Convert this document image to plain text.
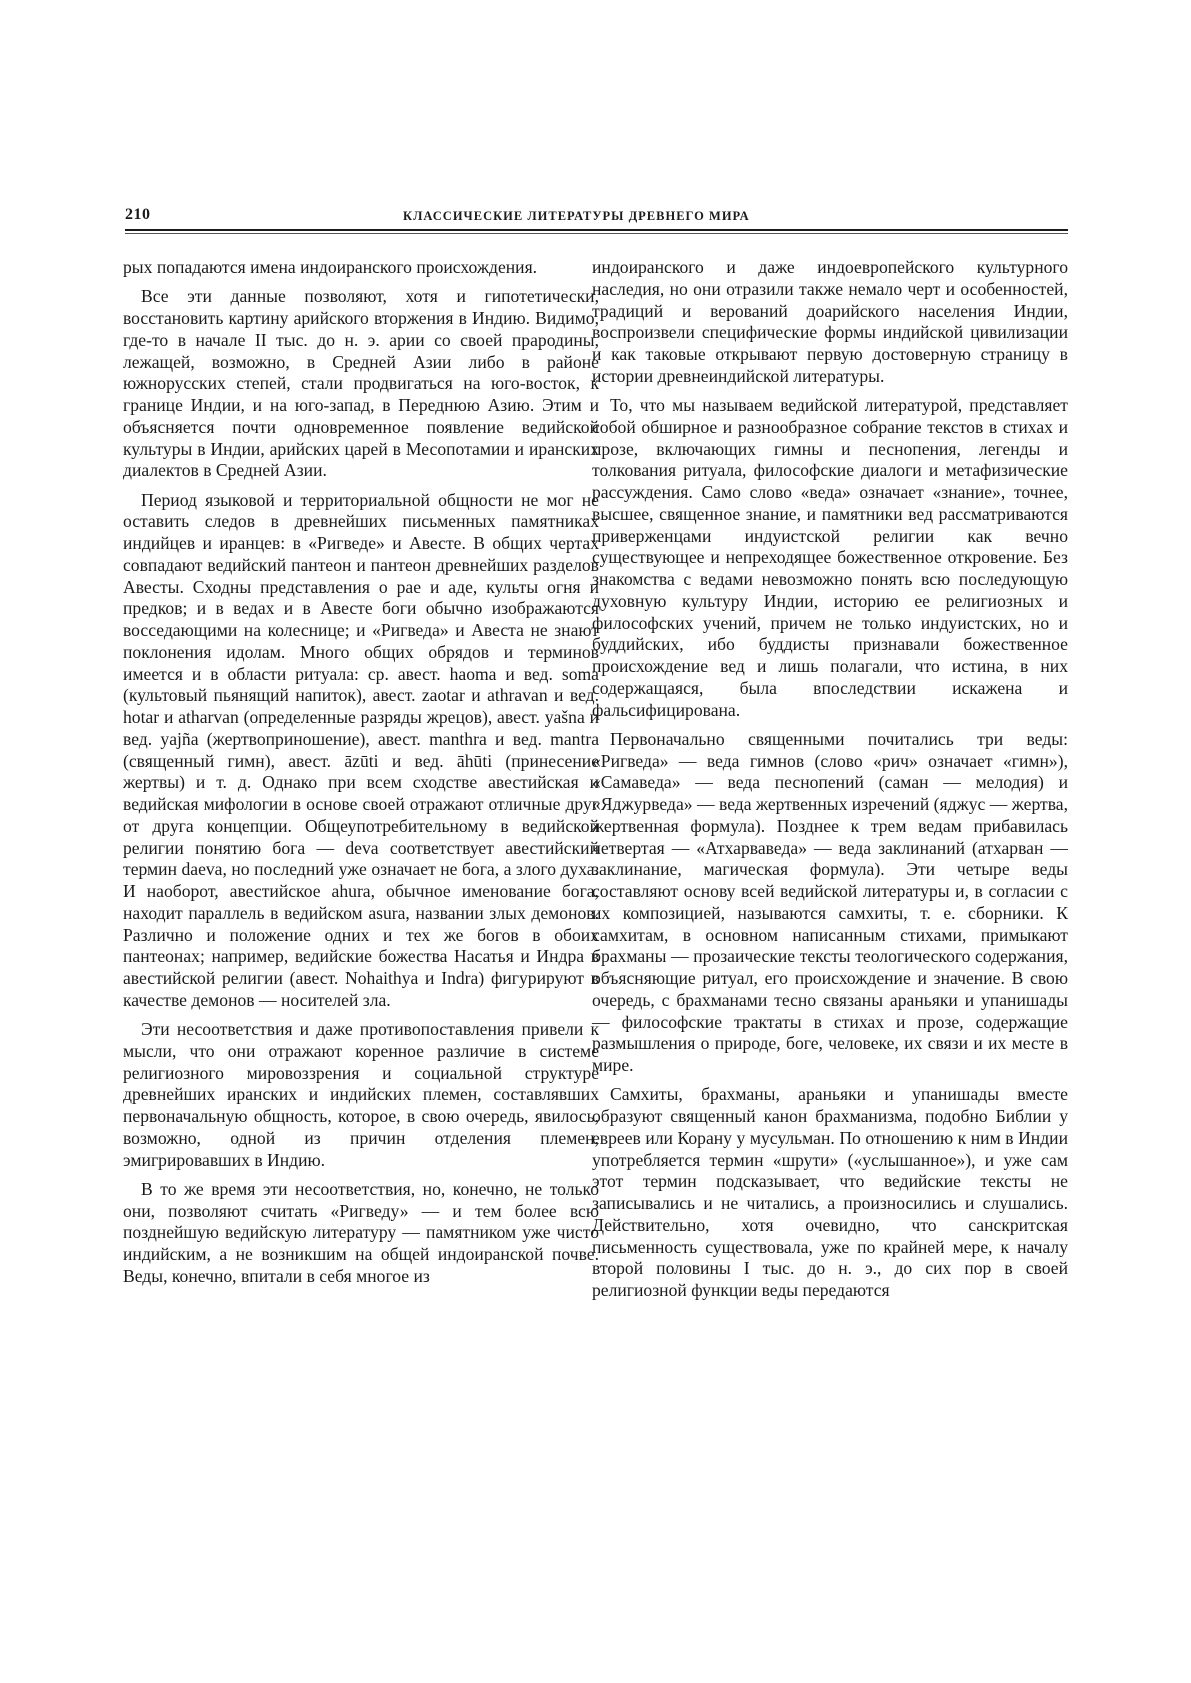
210	КЛАССИЧЕСКИЕ ЛИТЕРАТУРЫ ДРЕВНЕГО МИРА

рых попадаются имена индоиранского происхождения.

Все эти данные позволяют, хотя и гипотетически, восстановить картину арийского вторжения в Индию. Видимо, где-то в начале II тыс. до н. э. арии со своей прародины, лежащей, возможно, в Средней Азии либо в районе южнорусских степей, стали продвигаться на юго-восток, к границе Индии, и на юго-запад, в Переднюю Азию. Этим и объясняется почти одновременное появление ведийской культуры в Индии, арийских царей в Месопотамии и иранских диалектов в Средней Азии.

Период языковой и территориальной общности не мог не оставить следов в древнейших письменных памятниках индийцев и иранцев: в «Ригведе» и Авесте. В общих чертах совпадают ведийский пантеон и пантеон древнейших разделов Авесты. Сходны представления о рае и аде, культы огня и предков; и в ведах и в Авесте боги обычно изображаются восседающими на колеснице; и «Ригведа» и Авеста не знают поклонения идолам. Много общих обрядов и терминов имеется и в области ритуала: ср. авест. haoma и вед. soma (культовый пьянящий напиток), авест. zaotar и athravan и вед. hotar и atharvan (определенные разряды жрецов), авест. yašna и вед. yajña (жертвоприношение), авест. manthra и вед. mantra (священный гимн), авест. āzūti и вед. āhūti (принесение жертвы) и т. д. Однако при всем сходстве авестийская и ведийская мифологии в основе своей отражают отличные друг от друга концепции. Общеупотребительному в ведийской религии понятию бога — deva соответствует авестийский термин daeva, но последний уже означает не бога, а злого духа. И наоборот, авестийское ahura, обычное именование бога, находит параллель в ведийском asura, названии злых демонов. Различно и положение одних и тех же богов в обоих пантеонах; например, ведийские божества Насатья и Индра в авестийской религии (авест. Nohaithya и Indra) фигурируют в качестве демонов — носителей зла.

Эти несоответствия и даже противопоставления привели к мысли, что они отражают коренное различие в системе религиозного мировоззрения и социальной структуре древнейших иранских и индийских племен, составлявших первоначальную общность, которое, в свою очередь, явилось, возможно, одной из причин отделения племен, эмигрировавших в Индию.

В то же время эти несоответствия, но, конечно, не только они, позволяют считать «Ригведу» — и тем более всю позднейшую ведийскую литературу — памятником уже чисто индийским, а не возникшим на общей индоиранской почве. Веды, конечно, впитали в себя многое из

индоиранского и даже индоевропейского культурного наследия, но они отразили также немало черт и особенностей, традиций и верований доарийского населения Индии, воспроизвели специфические формы индийской цивилизации и как таковые открывают первую достоверную страницу в истории древнеиндийской литературы.

То, что мы называем ведийской литературой, представляет собой обширное и разнообразное собрание текстов в стихах и прозе, включающих гимны и песнопения, легенды и толкования ритуала, философские диалоги и метафизические рассуждения. Само слово «веда» означает «знание», точнее, высшее, священное знание, и памятники вед рассматриваются приверженцами индуистской религии как вечно существующее и непреходящее божественное откровение. Без знакомства с ведами невозможно понять всю последующую духовную культуру Индии, историю ее религиозных и философских учений, причем не только индуистских, но и буддийских, ибо буддисты признавали божественное происхождение вед и лишь полагали, что истина, в них содержащаяся, была впоследствии искажена и фальсифицирована.

Первоначально священными почитались три веды: «Ригведа» — веда гимнов (слово «рич» означает «гимн»), «Самаведа» — веда песнопений (саман — мелодия) и «Яджурведа» — веда жертвенных изречений (яджус — жертва, жертвенная формула). Позднее к трем ведам прибавилась четвертая — «Атхарваведа» — веда заклинаний (атхарван — заклинание, магическая формула). Эти четыре веды составляют основу всей ведийской литературы и, в согласии с их композицией, называются самхиты, т. е. сборники. К самхитам, в основном написанным стихами, примыкают брахманы — прозаические тексты теологического содержания, объясняющие ритуал, его происхождение и значение. В свою очередь, с брахманами тесно связаны араньяки и упанишады — философские трактаты в стихах и прозе, содержащие размышления о природе, боге, человеке, их связи и их месте в мире.

Самхиты, брахманы, араньяки и упанишады вместе образуют священный канон брахманизма, подобно Библии у евреев или Корану у мусульман. По отношению к ним в Индии употребляется термин «шрути» («услышанное»), и уже сам этот термин подсказывает, что ведийские тексты не записывались и не читались, а произносились и слушались. Действительно, хотя очевидно, что санскритская письменность существовала, уже по крайней мере, к началу второй половины I тыс. до н. э., до сих пор в своей религиозной функции веды передаются
